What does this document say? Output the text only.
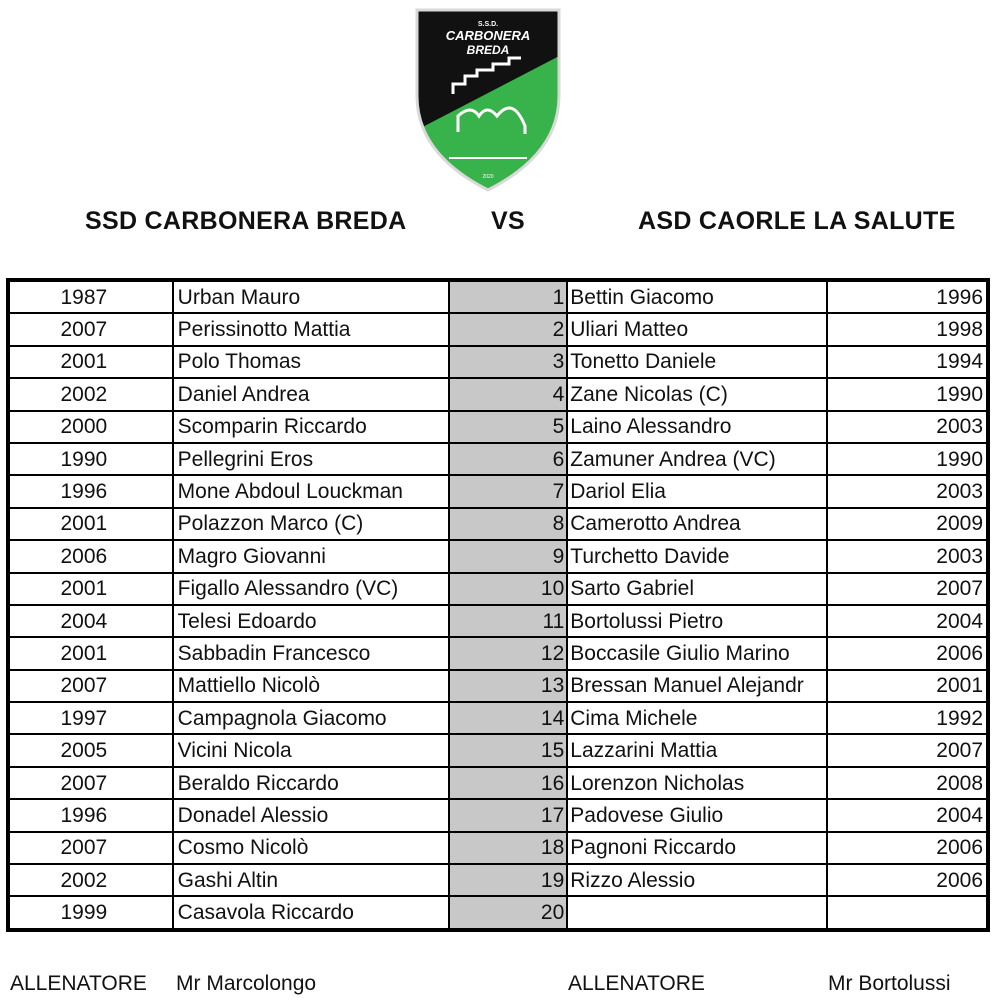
S.S.D.
CARBONERA
BREDA
2020
SSD CARBONERA BREDA	VS	ASD CAORLE LA SALUTE
1987	Urban Mauro	1	Bettin Giacomo	1996
2007	Perissinotto Mattia	2	Uliari Matteo	1998
2001	Polo Thomas	3	Tonetto Daniele	1994
2002	Daniel Andrea	4	Zane Nicolas (C)	1990
2000	Scomparin Riccardo	5	Laino Alessandro	2003
1990	Pellegrini Eros	6	Zamuner Andrea (VC)	1990
1996	Mone Abdoul Louckman	7	Dariol Elia	2003
2001	Polazzon Marco (C)	8	Camerotto Andrea	2009
2006	Magro Giovanni	9	Turchetto Davide	2003
2001	Figallo Alessandro (VC)	10	Sarto Gabriel	2007
2004	Telesi Edoardo	11	Bortolussi Pietro	2004
2001	Sabbadin Francesco	12	Boccasile Giulio Marino	2006
2007	Mattiello Nicolò	13	Bressan Manuel Alejandr	2001
1997	Campagnola Giacomo	14	Cima Michele	1992
2005	Vicini Nicola	15	Lazzarini Mattia	2007
2007	Beraldo Riccardo	16	Lorenzon Nicholas	2008
1996	Donadel Alessio	17	Padovese Giulio	2004
2007	Cosmo Nicolò	18	Pagnoni Riccardo	2006
2002	Gashi Altin	19	Rizzo Alessio	2006
1999	Casavola Riccardo	20		
ALLENATORE Mr Marcolongo	ALLENATORE	Mr Bortolussi
